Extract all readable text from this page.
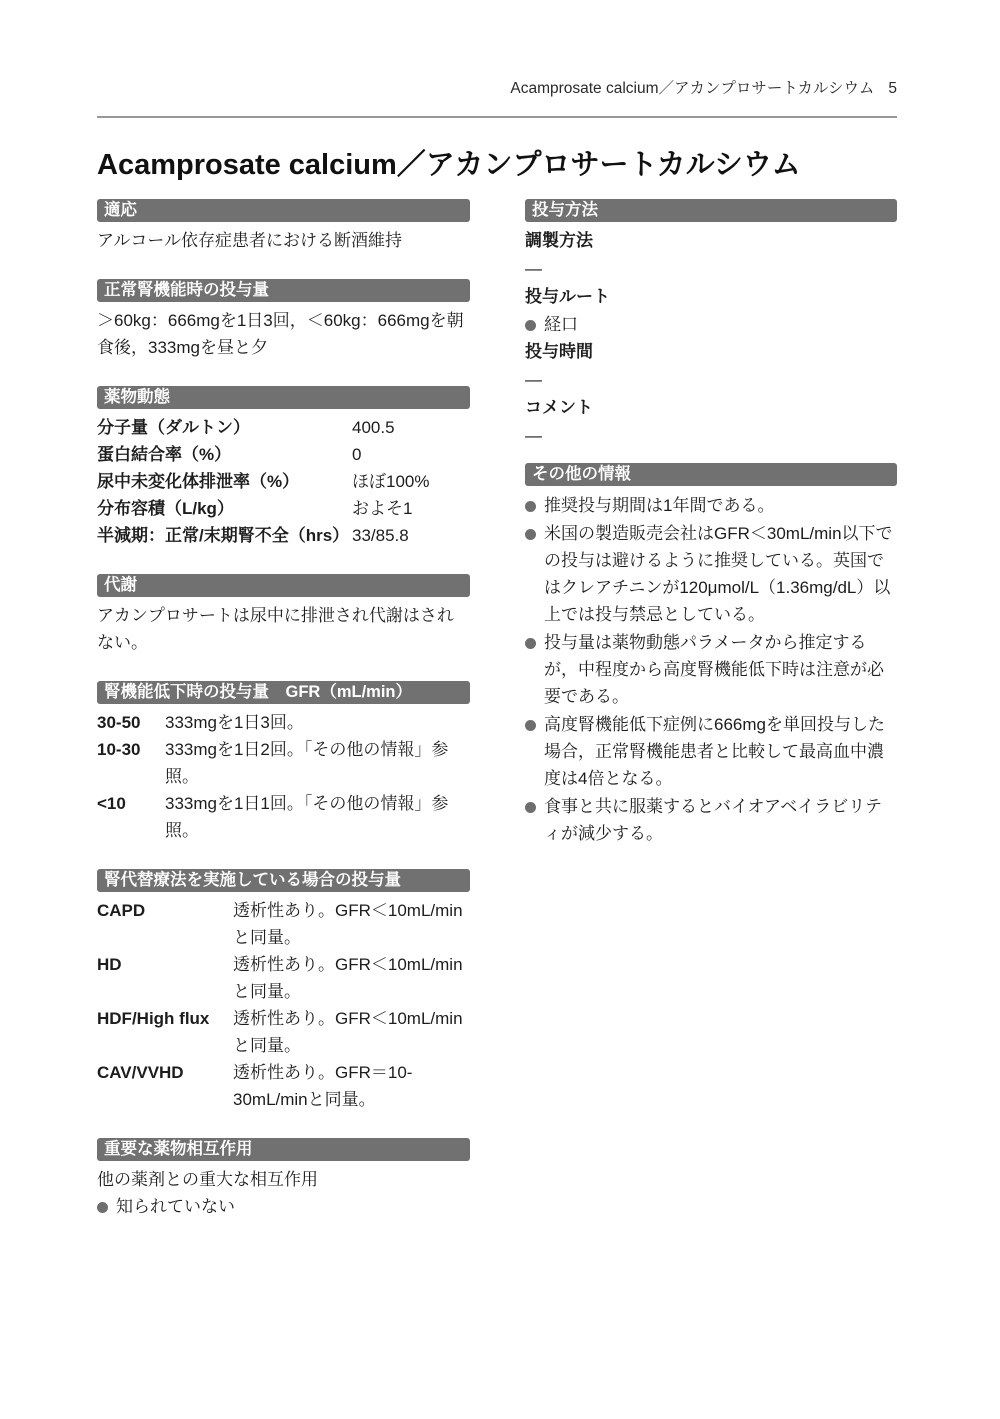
Acamprosate calcium／アカンプロサートカルシウム 5
Acamprosate calcium／アカンプロサートカルシウム
適応

アルコール依存症患者における断酒維持

正常腎機能時の投与量

＞60kg：666mgを1日3回，＜60kg：666mgを朝食後，333mgを昼と夕

薬物動態
分子量（ダルトン）	400.5
蛋白結合率（%）	0
尿中未変化体排泄率（%）	ほぼ100%
分布容積（L/kg）	およそ1
半減期：正常/末期腎不全（hrs） 33/85.8
代謝

アカンプロサートは尿中に排泄され代謝はされない。

腎機能低下時の投与量　GFR（mL/min）
30-50	333mgを1日3回。
10-30	333mgを1日2回。「その他の情報」参照。
<10	333mgを1日1回。「その他の情報」参照。
腎代替療法を実施している場合の投与量
CAPD	透析性あり。GFR＜10mL/minと同量。
HD	透析性あり。GFR＜10mL/minと同量。
HDF/High flux	透析性あり。GFR＜10mL/minと同量。
CAV/VVHD	透析性あり。GFR＝10-30mL/minと同量。
重要な薬物相互作用

他の薬剤との重大な相互作用

知られていない
投与方法
調製方法
—
投与ルート
経口
投与時間
—
コメント
—
その他の情報
推奨投与期間は1年間である。
米国の製造販売会社はGFR＜30mL/min以下での投与は避けるように推奨している。英国ではクレアチニンが120μmol/L（1.36mg/dL）以上では投与禁忌としている。
投与量は薬物動態パラメータから推定するが，中程度から高度腎機能低下時は注意が必要である。
高度腎機能低下症例に666mgを単回投与した場合，正常腎機能患者と比較して最高血中濃度は4倍となる。
食事と共に服薬するとバイオアベイラビリティが減少する。
